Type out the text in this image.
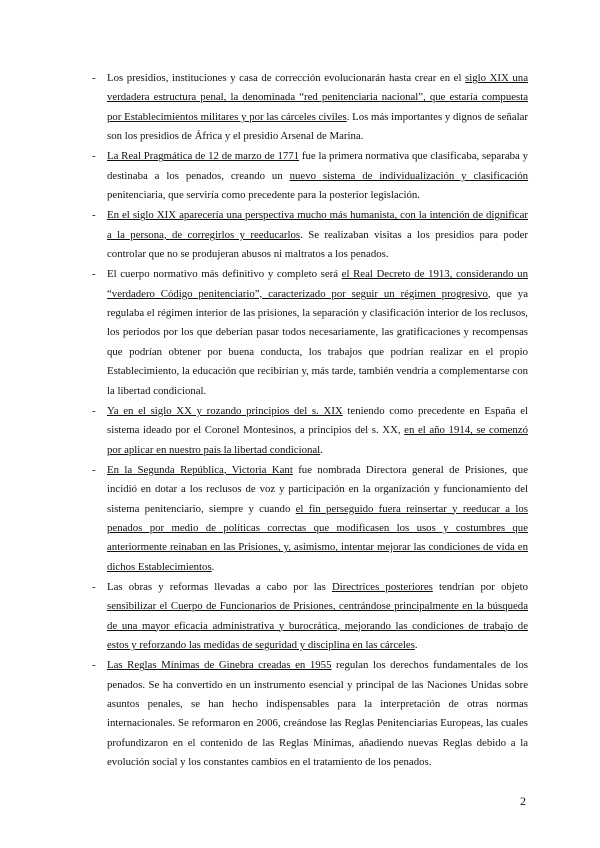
- Los presidios, instituciones y casa de corrección evolucionarán hasta crear en el siglo XIX una verdadera estructura penal, la denominada “red penitenciaria nacional”, que estaría compuesta por Establecimientos militares y por las cárceles civiles. Los más importantes y dignos de señalar son los presidios de África y el presidio Arsenal de Marina.

- La Real Pragmática de 12 de marzo de 1771 fue la primera normativa que clasificaba, separaba y destinaba a los penados, creando un nuevo sistema de individualización y clasificación penitenciaria, que serviría como precedente para la posterior legislación.

- En el siglo XIX aparecería una perspectiva mucho más humanista, con la intención de dignificar a la persona, de corregirlos y reeducarlos. Se realizaban visitas a los presidios para poder controlar que no se produjeran abusos ni maltratos a los penados.

- El cuerpo normativo más definitivo y completo será el Real Decreto de 1913, considerando un “verdadero Código penitenciario”, caracterizado por seguir un régimen progresivo, que ya regulaba el régimen interior de las prisiones, la separación y clasificación interior de los reclusos, los periodos por los que deberían pasar todos necesariamente, las gratificaciones y recompensas que podrían obtener por buena conducta, los trabajos que podrían realizar en el propio Establecimiento, la educación que recibirían y, más tarde, también vendría a complementarse con la libertad condicional.

- Ya en el siglo XX y rozando principios del s. XIX teniendo como precedente en España el sistema ideado por el Coronel Montesinos, a principios del s. XX, en el año 1914, se comenzó por aplicar en nuestro país la libertad condicional.

- En la Segunda República, Victoria Kant fue nombrada Directora general de Prisiones, que incidió en dotar a los reclusos de voz y participación en la organización y funcionamiento del sistema penitenciario, siempre y cuando el fin perseguido fuera reinsertar y reeducar a los penados por medio de políticas correctas que modificasen los usos y costumbres que anteriormente reinaban en las Prisiones, y, asimismo, intentar mejorar las condiciones de vida en dichos Establecimientos.

- Las obras y reformas llevadas a cabo por las Directrices posteriores tendrían por objeto sensibilizar el Cuerpo de Funcionarios de Prisiones, centrándose principalmente en la búsqueda de una mayor eficacia administrativa y burocrática, mejorando las condiciones de trabajo de estos y reforzando las medidas de seguridad y disciplina en las cárceles.

- Las Reglas Mínimas de Ginebra creadas en 1955 regulan los derechos fundamentales de los penados. Se ha convertido en un instrumento esencial y principal de las Naciones Unidas sobre asuntos penales, se han hecho indispensables para la interpretación de otras normas internacionales. Se reformaron en 2006, creándose las Reglas Penitenciarias Europeas, las cuales profundizaron en el contenido de las Reglas Mínimas, añadiendo nuevas Reglas debido a la evolución social y los constantes cambios en el tratamiento de los penados.

2
